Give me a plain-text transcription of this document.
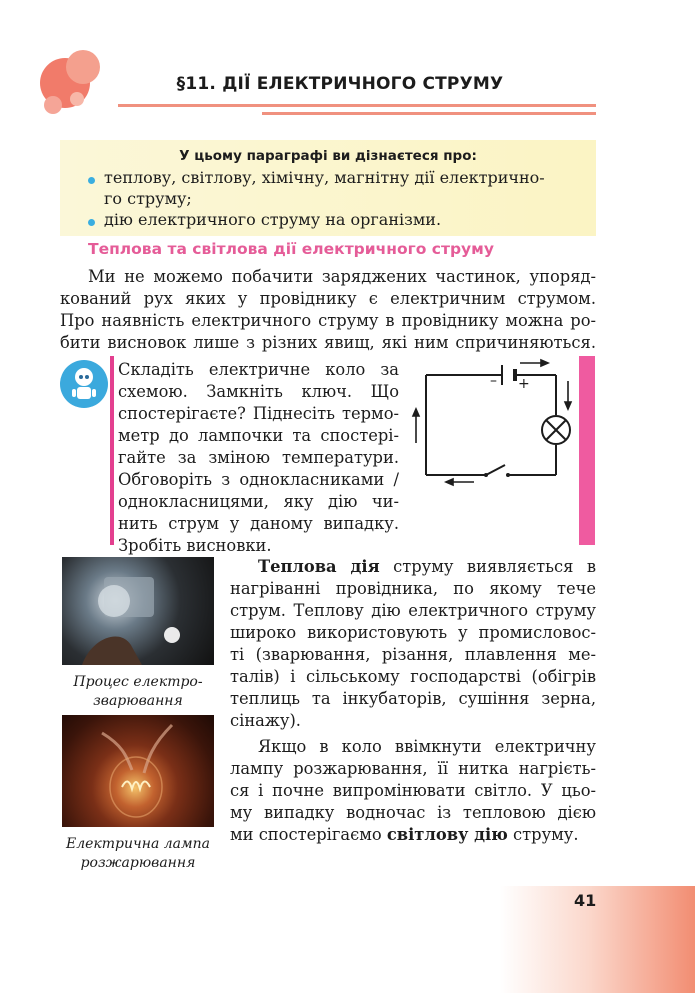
§11. ДІЇ ЕЛЕКТРИЧНОГО СТРУМУ
У цьому параграфі ви дізнаєтеся про:
теплову, світлову, хімічну, магнітну дії електрично-
го струму;
дію електричного струму на організми.
Теплова та світлова дії електричного струму
Ми не можемо побачити заряджених частинок, упоряд-
кований рух яких у провіднику є електричним струмом.
Про наявність електричного струму в провіднику можна ро-
бити висновок лише з різних явищ, які ним спричиняються.
Складіть електричне коло за
схемою. Замкніть ключ. Що
спостерігаєте? Піднесіть термо-
метр до лампочки та спостері-
гайте за зміною температури.
Обговоріть з однокласниками /
однокласницями, яку дію чи-
нить струм у даному випадку.
Зробіть висновки.
– +
Процес електро-
зварювання
Електрична лампа
розжарювання
Теплова дія струму виявляється в
нагріванні провідника, по якому тече
струм. Теплову дію електричного струму
широко використовують у промисловос-
ті (зварювання, різання, плавлення ме-
талів) і сільському господарстві (обігрів
теплиць та інкубаторів, сушіння зерна,
сінажу).
Якщо в коло ввімкнути електричну
лампу розжарювання, її нитка нагрієть-
ся і почне випромінювати світло. У цьо-
му випадку водночас із тепловою дією
ми спостерігаємо світлову дію струму.
41
